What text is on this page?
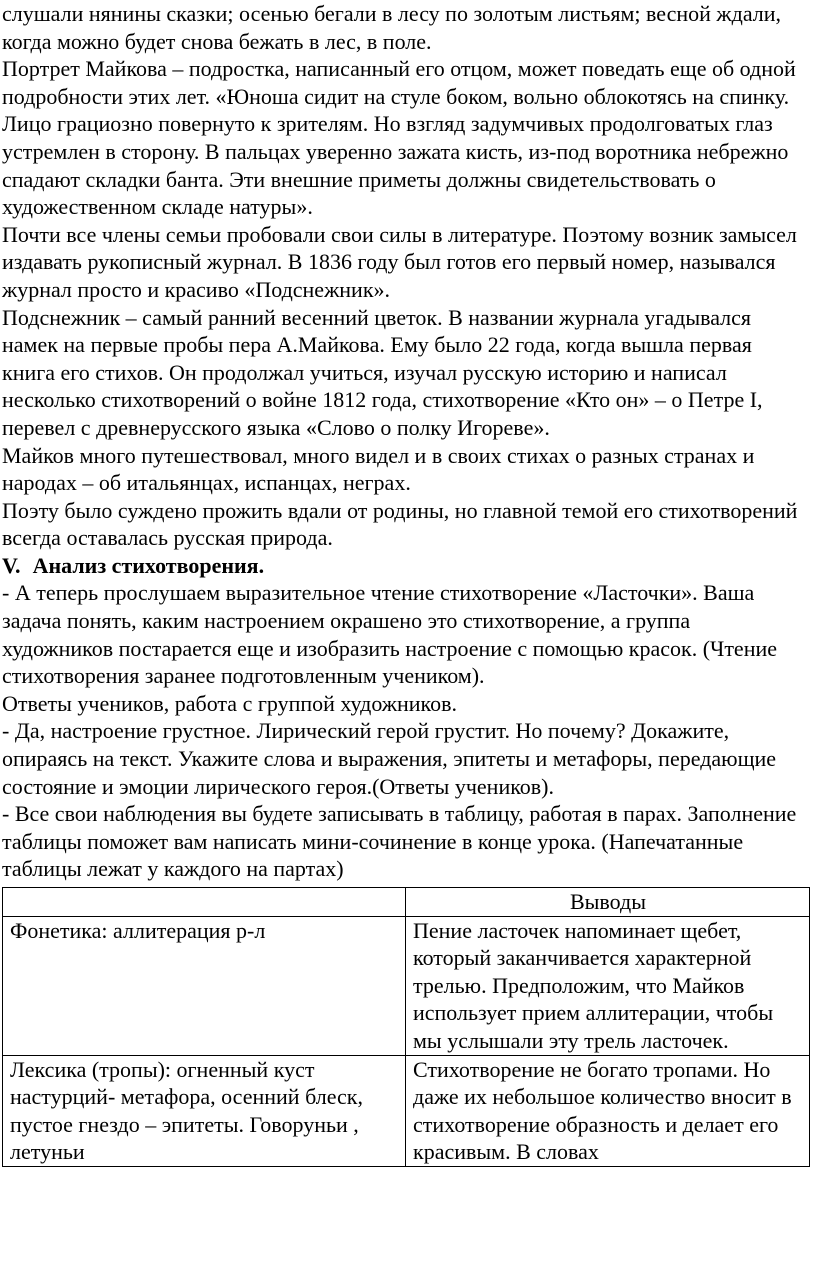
слушали нянины сказки; осенью бегали в лесу по золотым листьям; весной ждали, когда можно будет снова бежать в лес, в поле.

Портрет Майкова – подростка, написанный его отцом, может поведать еще об одной подробности этих лет. «Юноша сидит на стуле боком, вольно облокотясь на спинку. Лицо грациозно повернуто к зрителям. Но взгляд задумчивых продолговатых глаз устремлен в сторону. В пальцах уверенно зажата кисть, из-под воротника небрежно спадают складки банта. Эти внешние приметы должны свидетельствовать о художественном складе натуры».

Почти все члены семьи пробовали свои силы в литературе. Поэтому возник замысел издавать рукописный журнал. В 1836 году был готов его первый номер, назывался журнал просто и красиво «Подснежник».

Подснежник – самый ранний весенний цветок. В названии журнала угадывался намек на первые пробы пера А.Майкова. Ему было 22 года, когда вышла первая книга его стихов. Он продолжал учиться, изучал русскую историю и написал несколько стихотворений о войне 1812 года, стихотворение «Кто он» – о Петре I, перевел с древнерусского языка «Слово о полку Игореве».

Майков много путешествовал, много видел и в своих стихах о разных странах и народах – об итальянцах, испанцах, неграх.

Поэту было суждено прожить вдали от родины, но главной темой его стихотворений всегда оставалась русская природа.

V. Анализ стихотворения.

- А теперь прослушаем выразительное чтение стихотворение «Ласточки». Ваша задача понять, каким настроением окрашено это стихотворение, а группа художников постарается еще и изобразить настроение с помощью красок. (Чтение стихотворения заранее подготовленным учеником).

Ответы учеников, работа с группой художников.

- Да, настроение грустное. Лирический герой грустит. Но почему? Докажите, опираясь на текст. Укажите слова и выражения, эпитеты и метафоры, передающие состояние и эмоции лирического героя.(Ответы учеников).

- Все свои наблюдения вы будете записывать в таблицу, работая в парах. Заполнение таблицы поможет вам написать мини-сочинение в конце урока. (Напечатанные таблицы лежат у каждого на партах)

	Выводы
Фонетика: аллитерация р-л	Пение ласточек напоминает щебет, который заканчивается характерной трелью. Предположим, что Майков использует прием аллитерации, чтобы мы услышали эту трель ласточек.
Лексика (тропы): огненный куст настурций- метафора, осенний блеск, пустое гнездо – эпитеты. Говоруньи , летуньи	Стихотворение не богато тропами. Но даже их небольшое количество вносит в стихотворение образность и делает его красивым. В словах
